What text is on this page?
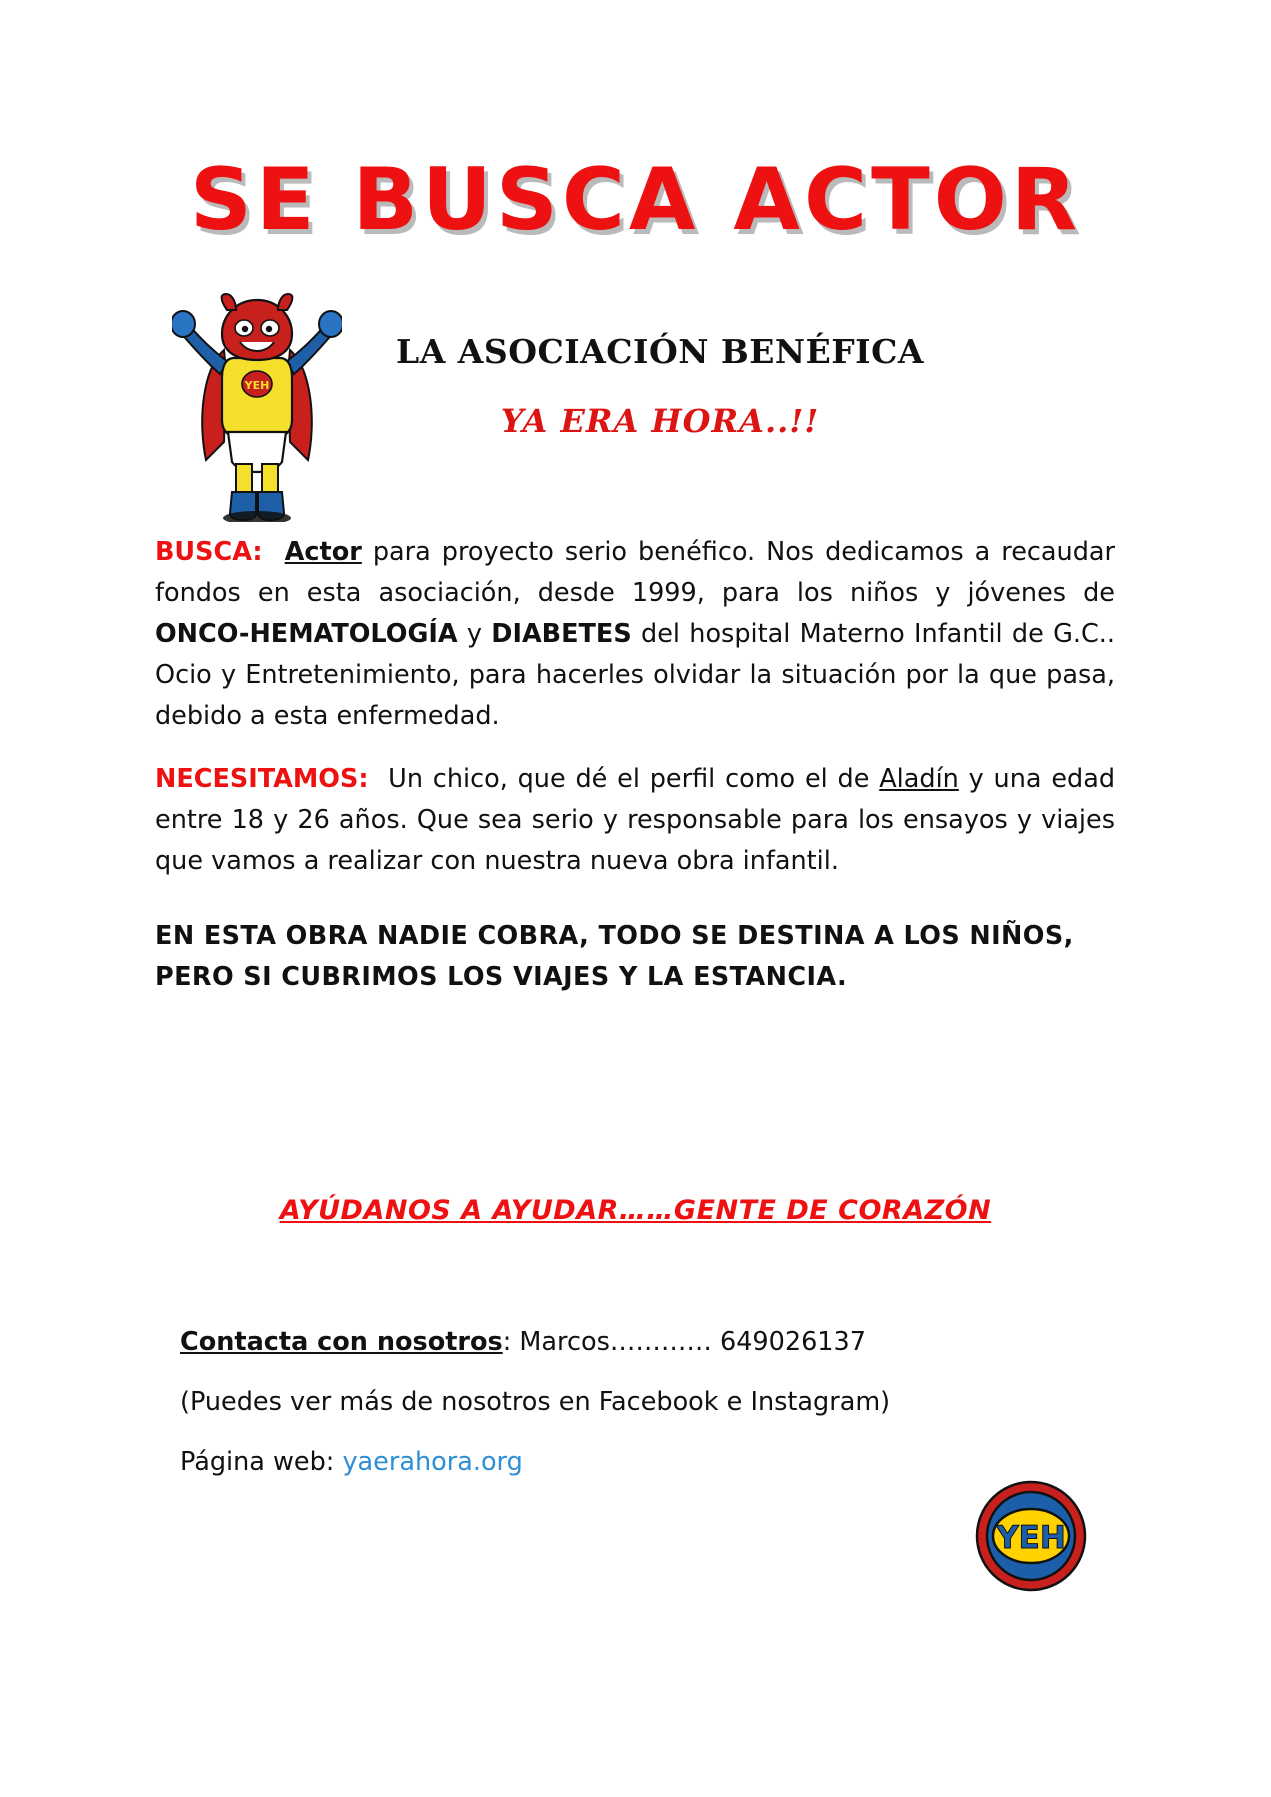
SE BUSCA ACTOR
YEH
LA ASOCIACIÓN BENÉFICA
YA ERA HORA..!!

BUSCA: Actor para proyecto serio benéfico. Nos dedicamos a recaudar fondos en esta asociación, desde 1999, para los niños y jóvenes de ONCO-HEMATOLOGÍA y DIABETES del hospital Materno Infantil de G.C.. Ocio y Entretenimiento, para hacerles olvidar la situación por la que pasa, debido a esta enfermedad.

NECESITAMOS:  Un chico, que dé el perfil como el de Aladín y una edad entre 18 y 26 años. Que sea serio y responsable para los ensayos y viajes que vamos a realizar con nuestra nueva obra infantil.

EN ESTA OBRA NADIE COBRA, TODO SE DESTINA A LOS NIÑOS, PERO SI CUBRIMOS LOS VIAJES Y LA ESTANCIA.

AYÚDANOS A AYUDAR……GENTE DE CORAZÓN

Contacta con nosotros: Marcos………… 649026137

(Puedes ver más de nosotros en Facebook e Instagram)

Página web: yaerahora.org

YEH
